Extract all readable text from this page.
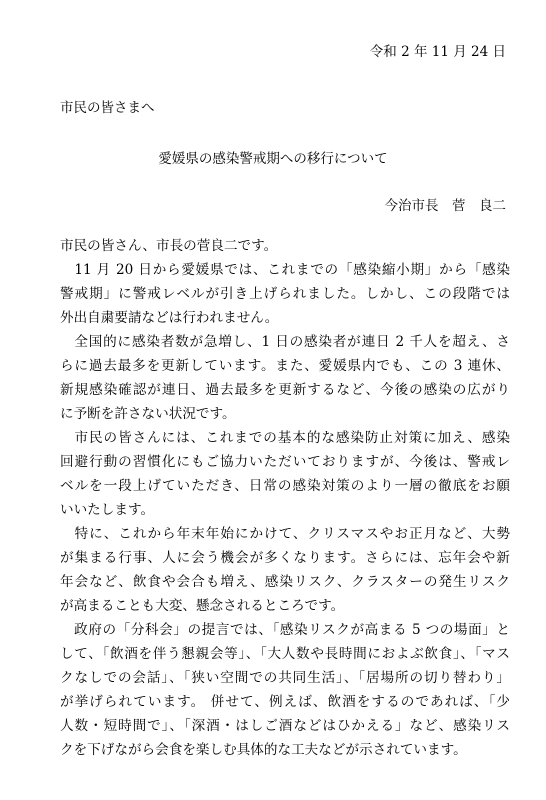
令和 2 年 11 月 24 日
市民の皆さまへ
愛媛県の感染警戒期への移行について
今治市長　菅　良二
市民の皆さん、市長の菅良二です。
　11 月 20 日から愛媛県では、これまでの「感染縮小期」から「感染
警戒期」に警戒レベルが引き上げられました。しかし、この段階では
外出自粛要請などは行われません。
　全国的に感染者数が急増し、1 日の感染者が連日 2 千人を超え、さ
らに過去最多を更新しています。また、愛媛県内でも、この 3 連休、
新規感染確認が連日、過去最多を更新するなど、今後の感染の広がり
に予断を許さない状況です。
　市民の皆さんには、これまでの基本的な感染防止対策に加え、感染
回避行動の習慣化にもご協力いただいておりますが、今後は、警戒レ
ベルを一段上げていただき、日常の感染対策のより一層の徹底をお願
いいたします。
　特に、これから年末年始にかけて、クリスマスやお正月など、大勢
が集まる行事、人に会う機会が多くなります。さらには、忘年会や新
年会など、飲食や会合も増え、感染リスク、クラスターの発生リスク
が高まることも大変、懸念されるところです。
　政府の「分科会」の提言では、「感染リスクが高まる 5 つの場面」と
して、「飲酒を伴う懇親会等」、「大人数や長時間におよぶ飲食」、「マス
クなしでの会話」、「狭い空間での共同生活」、「居場所の切り替わり」
が挙げられています。 併せて、例えば、飲酒をするのであれば、「少
人数・短時間で」、「深酒・はしご酒などはひかえる」など、感染リス
クを下げながら会食を楽しむ具体的な工夫などが示されています。
